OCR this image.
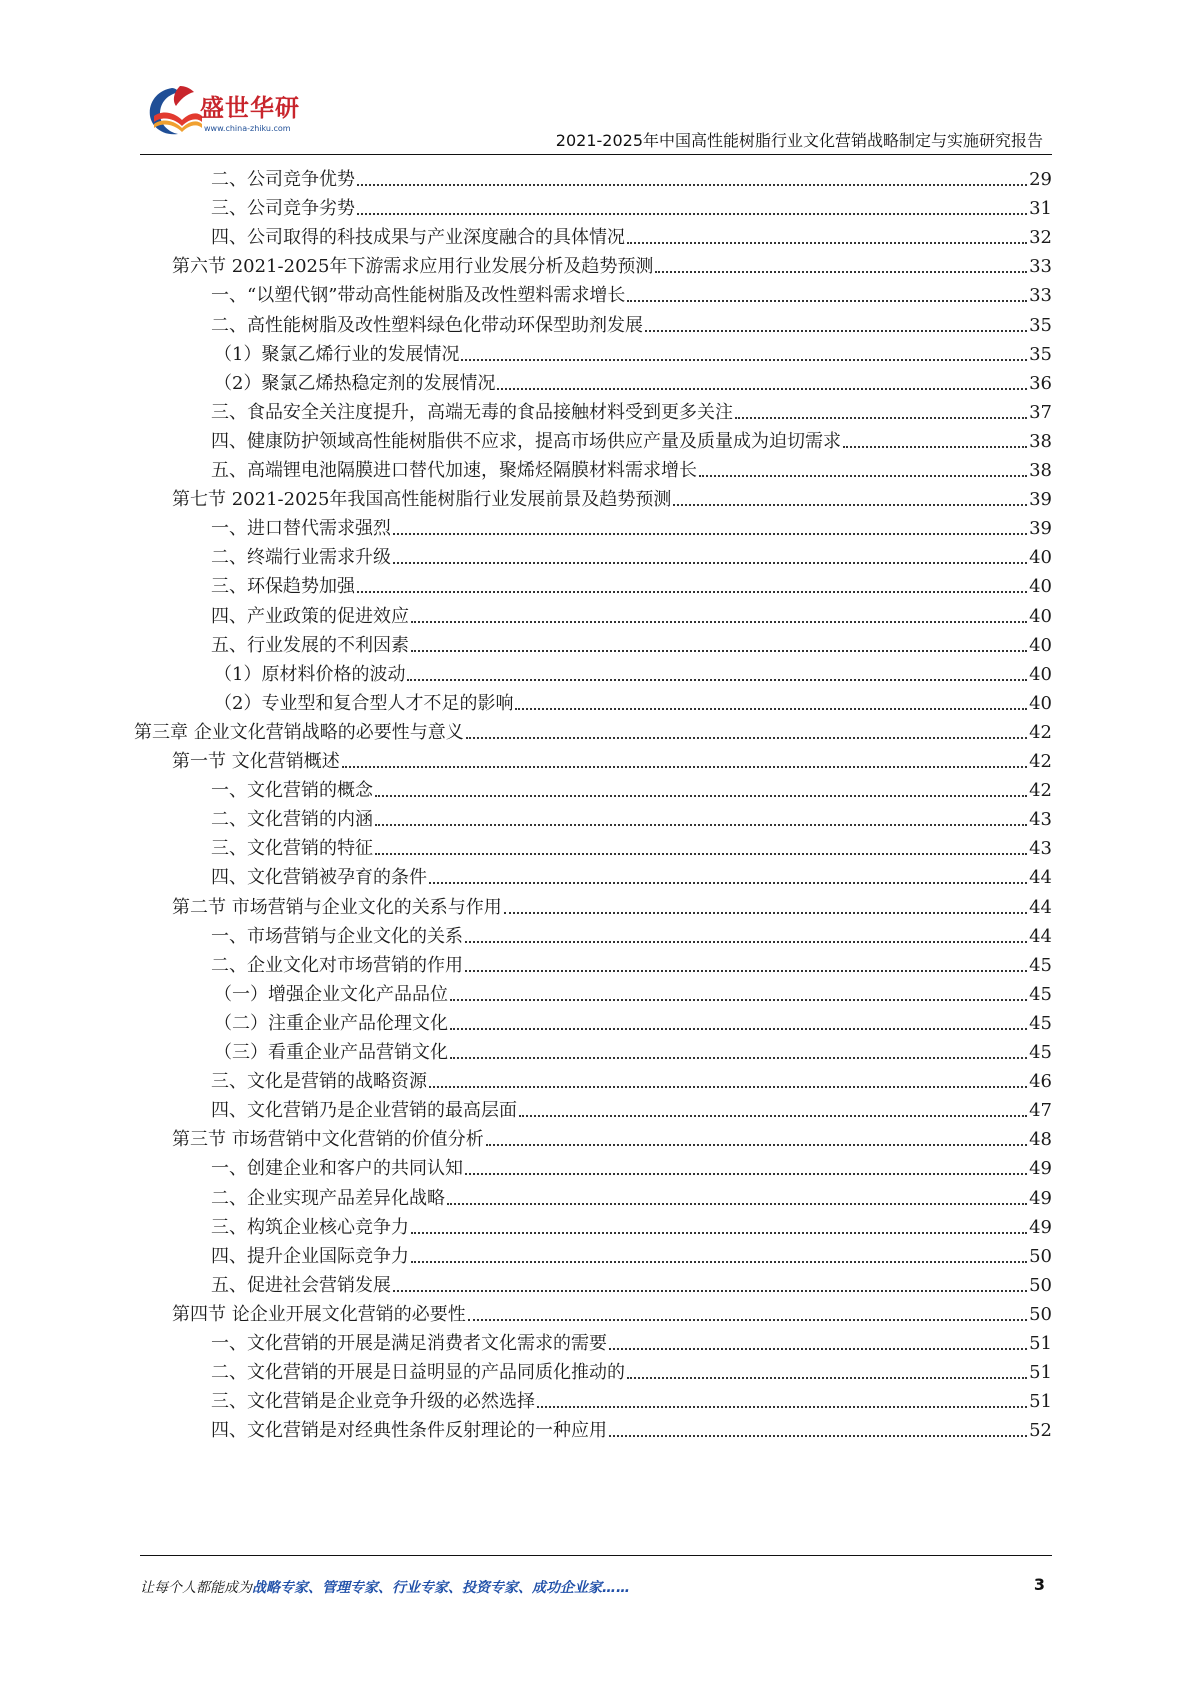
盛世华研
www.china-zhiku.com
2021-2025年中国高性能树脂行业文化营销战略制定与实施研究报告
二、公司竞争优势	29
三、公司竞争劣势	31
四、公司取得的科技成果与产业深度融合的具体情况	32
第六节 2021-2025年下游需求应用行业发展分析及趋势预测	33
一、“以塑代钢”带动高性能树脂及改性塑料需求增长	33
二、高性能树脂及改性塑料绿色化带动环保型助剂发展	35
（1）聚氯乙烯行业的发展情况	35
（2）聚氯乙烯热稳定剂的发展情况	36
三、食品安全关注度提升，高端无毒的食品接触材料受到更多关注	37
四、健康防护领域高性能树脂供不应求，提高市场供应产量及质量成为迫切需求	38
五、高端锂电池隔膜进口替代加速，聚烯烃隔膜材料需求增长	38
第七节 2021-2025年我国高性能树脂行业发展前景及趋势预测	39
一、进口替代需求强烈	39
二、终端行业需求升级	40
三、环保趋势加强	40
四、产业政策的促进效应	40
五、行业发展的不利因素	40
（1）原材料价格的波动	40
（2）专业型和复合型人才不足的影响	40
第三章 企业文化营销战略的必要性与意义	42
第一节 文化营销概述	42
一、文化营销的概念	42
二、文化营销的内涵	43
三、文化营销的特征	43
四、文化营销被孕育的条件	44
第二节 市场营销与企业文化的关系与作用	44
一、市场营销与企业文化的关系	44
二、企业文化对市场营销的作用	45
（一）增强企业文化产品品位	45
（二）注重企业产品伦理文化	45
（三）看重企业产品营销文化	45
三、文化是营销的战略资源	46
四、文化营销乃是企业营销的最高层面	47
第三节 市场营销中文化营销的价值分析	48
一、创建企业和客户的共同认知	49
二、企业实现产品差异化战略	49
三、构筑企业核心竞争力	49
四、提升企业国际竞争力	50
五、促进社会营销发展	50
第四节 论企业开展文化营销的必要性	50
一、文化营销的开展是满足消费者文化需求的需要	51
二、文化营销的开展是日益明显的产品同质化推动的	51
三、文化营销是企业竞争升级的必然选择	51
四、文化营销是对经典性条件反射理论的一种应用	52
让每个人都能成为战略专家、管理专家、行业专家、投资专家、成功企业家……	3
